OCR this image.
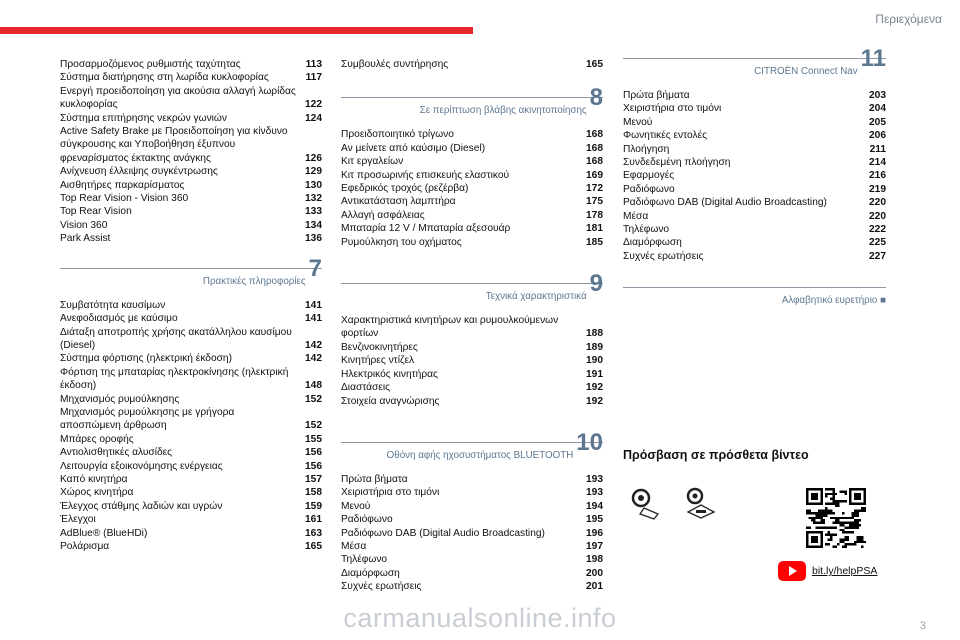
Περιεχόμενα
Προσαρμοζόμενος ρυθμιστής ταχύτητας	113
Σύστημα διατήρησης στη λωρίδα κυκλοφορίας	117
Ενεργή προειδοποίηση για ακούσια αλλαγή λωρίδας κυκλοφορίας	122
Σύστημα επιτήρησης νεκρών γωνιών	124
Active Safety Brake με Προειδοποίηση για κίνδυνο σύγκρουσης και Υποβοήθηση έξυπνου φρεναρίσματος έκτακτης ανάγκης	126
Ανίχνευση έλλειψης συγκέντρωσης	129
Αισθητήρες παρκαρίσματος	130
Top Rear Vision - Vision 360	132
Top Rear Vision	133
Vision 360	134
Park Assist	136
Πρακτικές πληροφορίες 7
Συμβατότητα καυσίμων	141
Ανεφοδιασμός με καύσιμο	141
Διάταξη αποτροπής χρήσης ακατάλληλου καυσίμου (Diesel)	142
Σύστημα φόρτισης (ηλεκτρική έκδοση)	142
Φόρτιση της μπαταρίας ηλεκτροκίνησης (ηλεκτρική έκδοση)	148
Μηχανισμός ρυμούλκησης	152
Μηχανισμός ρυμούλκησης με γρήγορα αποσπώμενη άρθρωση	152
Μπάρες οροφής	155
Αντιολισθητικές αλυσίδες	156
Λειτουργία εξοικονόμησης ενέργειας	156
Καπό κινητήρα	157
Χώρος κινητήρα	158
Έλεγχος στάθμης λαδιών και υγρών	159
Έλεγχοι	161
AdBlue® (BlueHDi)	163
Ρολάρισμα	165
Συμβουλές συντήρησης	165
Σε περίπτωση βλάβης ακινητοποίησης 8
Προειδοποιητικό τρίγωνο	168
Αν μείνετε από καύσιμο (Diesel)	168
Κιτ εργαλείων	168
Κιτ προσωρινής επισκευής ελαστικού	169
Εφεδρικός τροχός (ρεζέρβα)	172
Αντικατάσταση λαμπτήρα	175
Αλλαγή ασφάλειας	178
Μπαταρία 12 V / Μπαταρία αξεσουάρ	181
Ρυμούλκηση του οχήματος	185
Τεχνικά χαρακτηριστικά 9
Χαρακτηριστικά κινητήρων και ρυμουλκούμενων φορτίων	188
Βενζινοκινητήρες	189
Κινητήρες ντίζελ	190
Ηλεκτρικός κινητήρας	191
Διαστάσεις	192
Στοιχεία αναγνώρισης	192
Οθόνη αφής ηχοσυστήματος BLUETOOTH 10
Πρώτα βήματα	193
Χειριστήρια στο τιμόνι	193
Μενού	194
Ραδιόφωνο	195
Ραδιόφωνο DAB (Digital Audio Broadcasting)	196
Μέσα	197
Τηλέφωνο	198
Διαμόρφωση	200
Συχνές ερωτήσεις	201
CITROËN Connect Nav 11
Πρώτα βήματα	203
Χειριστήρια στο τιμόνι	204
Μενού	205
Φωνητικές εντολές	206
Πλοήγηση	211
Συνδεδεμένη πλοήγηση	214
Εφαρμογές	216
Ραδιόφωνο	219
Ραδιόφωνο DAB (Digital Audio Broadcasting)	220
Μέσα	220
Τηλέφωνο	222
Διαμόρφωση	225
Συχνές ερωτήσεις	227
Αλφαβητικό ευρετήριο ■
Πρόσβαση σε πρόσθετα βίντεο
bit.ly/helpPSA
carmanualsonline.info	3
